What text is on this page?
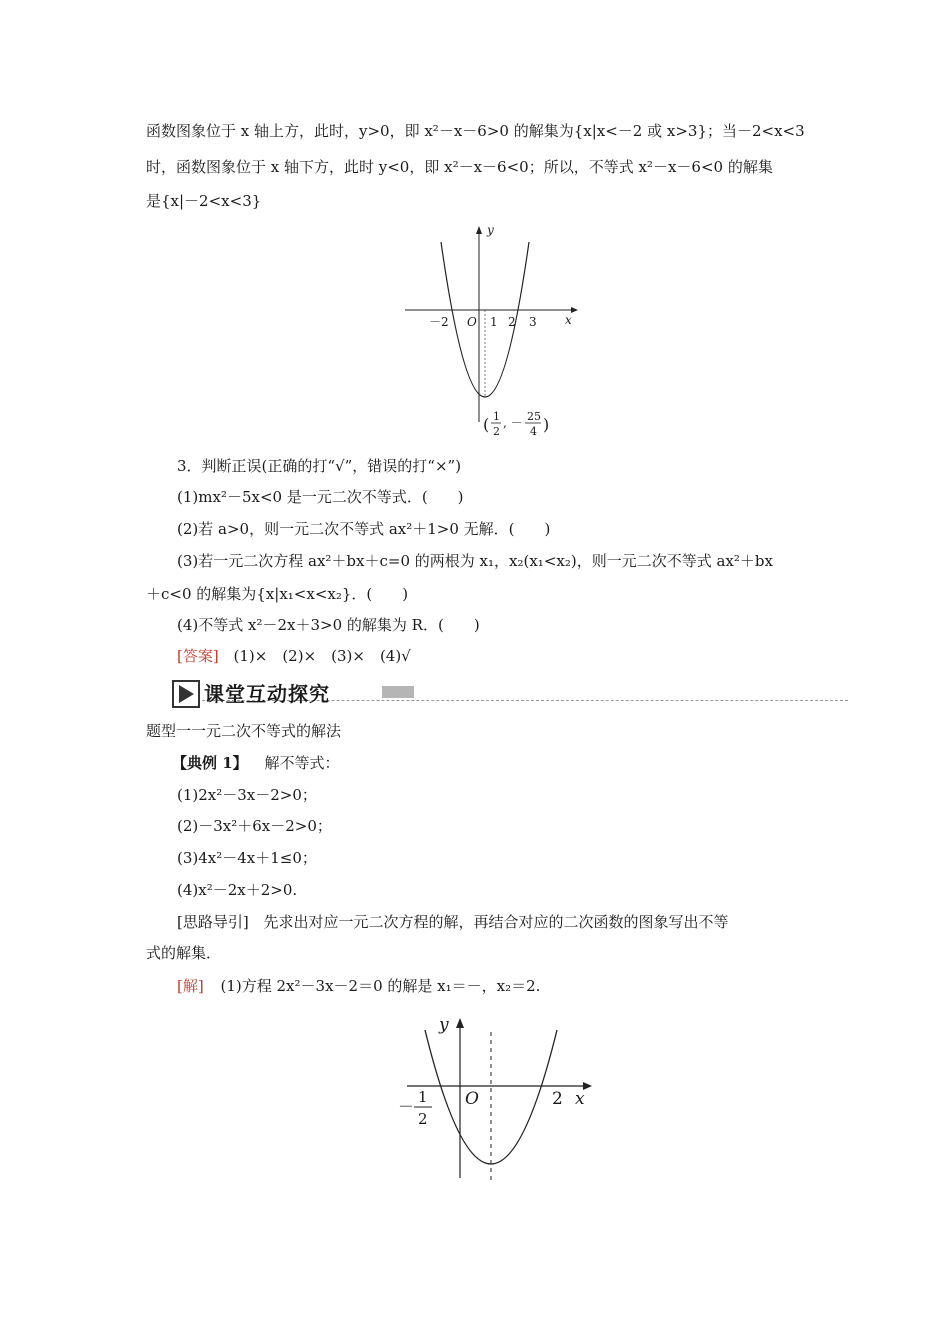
函数图象位于 x 轴上方，此时，y>0，即 x²－x－6>0 的解集为{x|x<－2 或 x>3}；当－2<x<3
时，函数图象位于 x 轴下方，此时 y<0，即 x²－x－6<0；所以，不等式 x²－x－6<0 的解集
是{x|－2<x<3}
y
x
O
－2	1 2 3
( 1
2
, － 25
4 )
3．判断正误(正确的打“√”，错误的打“×”)
(1)mx²－5x<0 是一元二次不等式．(　　)
(2)若 a>0，则一元二次不等式 ax²＋1>0 无解．(　　)
(3)若一元二次方程 ax²＋bx＋c=0 的两根为 x₁，x₂(x₁<x₂)，则一元二次不等式 ax²＋bx
＋c<0 的解集为{x|x₁<x<x₂}．(　　)
(4)不等式 x²－2x＋3>0 的解集为 R．(　　)
[答案] (1)×　(2)×　(3)×　(4)√
课堂互动探究
题型一一元二次不等式的解法
【典例 1】 解不等式：
(1)2x²－3x－2>0；
(2)－3x²＋6x－2>0；
(3)4x²－4x＋1≤0；
(4)x²－2x＋2>0.
[思路导引] 先求出对应一元二次方程的解，再结合对应的二次函数的图象写出不等
式的解集．
[解] (1)方程 2x²－3x－2＝0 的解是 x₁＝－，x₂＝2.
y
x
O	2
－ 1
2
